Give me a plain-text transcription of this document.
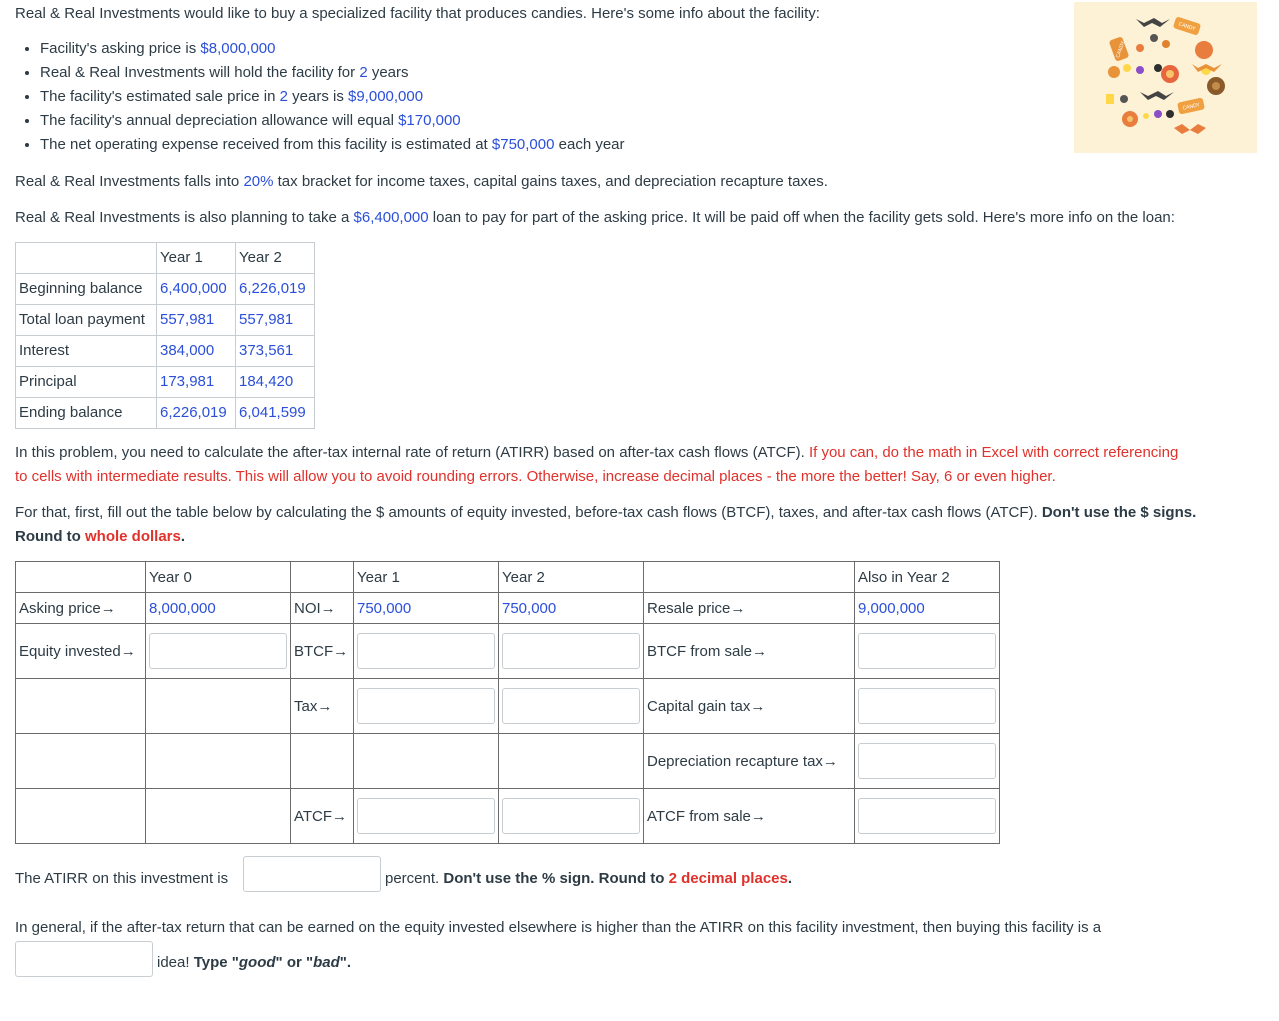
Real & Real Investments would like to buy a specialized facility that produces candies. Here's some info about the facility:

• Facility's asking price is $8,000,000
• Real & Real Investments will hold the facility for 2 years
• The facility's estimated sale price in 2 years is $9,000,000
• The facility's annual depreciation allowance will equal $170,000
• The net operating expense received from this facility is estimated at $750,000 each year
CANDY
CANDY
CANDY

Real & Real Investments falls into 20% tax bracket for income taxes, capital gains taxes, and depreciation recapture taxes.

Real & Real Investments is also planning to take a $6,400,000 loan to pay for part of the asking price. It will be paid off when the facility gets sold. Here's more info on the loan:

	Year 1	Year 2
Beginning balance	6,400,000	6,226,019
Total loan payment	557,981	557,981
Interest	384,000	373,561
Principal	173,981	184,420
Ending balance	6,226,019	6,041,599

In this problem, you need to calculate the after-tax internal rate of return (ATIRR) based on after-tax cash flows (ATCF). If you can, do the math in Excel with correct referencing

to cells with intermediate results. This will allow you to avoid rounding errors. Otherwise, increase decimal places - the more the better! Say, 6 or even higher.

For that, first, fill out the table below by calculating the $ amounts of equity invested, before-tax cash flows (BTCF), taxes, and after-tax cash flows (ATCF). Don't use the $ signs.

Round to whole dollars.

	Year 0		Year 1	Year 2		Also in Year 2
Asking price→	8,000,000	NOI→	750,000	750,000	Resale price→	9,000,000
Equity invested→		BTCF→			BTCF from sale→	

		Tax→			Capital gain tax→	

					Depreciation recapture tax→	

		ATCF→			ATCF from sale→	

The ATIRR on this investment is	percent. Don't use the % sign. Round to 2 decimal places.

In general, if the after-tax return that can be earned on the equity invested elsewhere is higher than the ATIRR on this facility investment, then buying this facility is a

idea! Type "good" or "bad".
